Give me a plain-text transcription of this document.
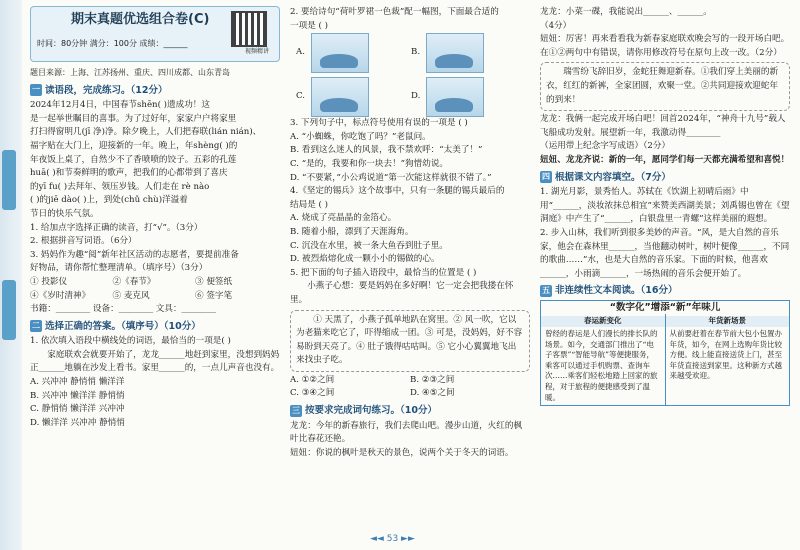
期末真题优选组合卷(C)
时间：80分钟 满分：100分 成绩：______
视频精讲
题目来源：上海、江苏扬州、重庆、四川成都、山东青岛
一 读语段，完成练习。（12分）

2024年12月4日，中国春节shēn( )遗成功！这

是一起举世瞩目的喜事。为了过好年，家家户户将家里

打扫得窗明几(jī 净)净。除夕晚上，人们把春联(lián nián)、

福字贴在大门上，迎接新的一年。晚上，年shèng( )的

年夜饭上桌了，自然少不了香喷喷的饺子。五彩的孔莲

huā( )和节奏鲜明的歌声，把我们的心都带到了喜庆

的yī fu( )去拜年、领压岁钱。人们走在 rè nào

( )的jiē dào( )上，到处(chǔ chù)洋溢着

节日的快乐气氛。

1. 给加点字选择正确的读音，打“√”。（3分）

2. 根据拼音写词语。（6分）

3. 妈妈作为趣“阅”新年社区活动的志愿者，要提前准备

好物品，请你帮忙整理清单。（填序号）（3分）

① 投影仪	②《春节》	③ 便签纸
④《岁时清神》	⑤ 麦克风	⑥ 签字笔

书籍：________ 设备：________ 文具：________

二 选择正确的答案。（填序号）（10分）

1. 依次填入语段中横线处的词语，最恰当的一项是( )

家庭联欢会就要开始了，龙龙______地赶到家里，没想到妈妈正______地躺在沙发上看书。家里______的，一点儿声音也没有。

A. 兴冲冲 静悄悄 懒洋洋

B. 兴冲冲 懒洋洋 静悄悄

C. 静悄悄 懒洋洋 兴冲冲

D. 懒洋洋 兴冲冲 静悄悄

2. 要给诗句“荷叶罗裙一色裁”配一幅图，下面最合适的

一项是 ( )

A.	B.
C.	D.

3. 下列句子中，标点符号使用有误的一项是 ( )

A. “小蜘蛛，你吃饱了吗？”老鼠问。

B. 看到这么迷人的风景，我不禁欢呼：“太美了！”

C. “是的，我要和你一块去！”狗惜幼说。

D. “不要紧，”小公鸡说道“第一次能这样就很不错了。”

4.《坚定的锡兵》这个故事中，只有一条腿的锡兵最后的

结局是 ( )

A. 烧成了亮晶晶的金箔心。

B. 随着小船，漂到了天涯海角。

C. 沉没在水里，被一条大鱼吞到肚子里。

D. 被烈焰熔化成一颗小小的锡做的心。

5. 把下面的句子插入语段中，最恰当的位置是 ( )

小燕子心想：要是妈妈在多好啊！它一定会把我搂在怀里。

① 天黑了，小燕子孤单地趴在窝里。② 风一吹，它以为老猫来吃它了，吓得缩成一团。③ 可是，没妈妈，好不容易盼到天亮了。④ 肚子饿得咕咕叫。⑤ 它小心翼翼地飞出来找虫子吃。

A. ①②之间	B. ②③之间
C. ③④之间	D. ④⑤之间
三 按要求完成词句练习。（10分）

龙龙：今年的新春旅行，我们去爬山吧。漫步山道，火红的枫叶比春花还艳。

妞妞：你说的枫叶是秋天的景色，说两个关于冬天的词语。

龙龙：小菜一碟，我能说出______、______。

（4分）

妞妞：厉害！再来看看我为新春家庭联欢晚会写的一段开场白吧。在①②两句中有错误，请你用修改符号在原句上改一改。（2分）

瑞雪纷飞辞旧岁，金蛇狂舞迎新春。①我们穿上美丽的新衣，红红的新裤，全家团圆，欢聚一堂。②共同迎接欢迎蛇年的到来！

龙龙：我俩一起完成开场白吧！回首2024年，“神舟十九号”载人飞船成功发射。展望新一年，我激动得________

（运用带上纪念字写成语）（2分）

妞妞、龙龙齐说：新的一年，愿同学们每一天都充满希望和喜悦！

四 根据课文内容填空。（7分）

1. 湖光月影，景秀怡人。苏轼在《饮湖上初晴后雨》中用“______，淡妆浓抹总相宜”来赞美西湖美景；刘禹锡也曾在《望洞庭》中产生了“______，白银盘里一青螺”这样美丽的遐想。

2. 步入山林，我们听到很多美妙的声音。“风，是大自然的音乐家，他会在森林里______，当他翻动树叶，树叶便像______，不同的歌曲……”水，也是大自然的音乐家。下面的时候，他喜欢______，小雨滴______，一场热闹的音乐会便开始了。

五 非连续性文本阅读。（16分）
“数字化”增添“新”年味儿
春运新变化
曾经的春运是人们漫长的排长队的场景。如今，交通部门推出了“电子客票”“智能导航”等便捷服务，乘客可以通过手机购票、查询车次……乘客们轻松地踏上回家的旅程，对于旅程的便捷感受到了温暖。
年货新场景
从前要赶着在春节前大包小包置办年货，如今，在网上选购年货比较方便。线上能直接送货上门，甚至年货直接送到家里。这种新方式越来越受欢迎。
◄◄ 53 ►►
